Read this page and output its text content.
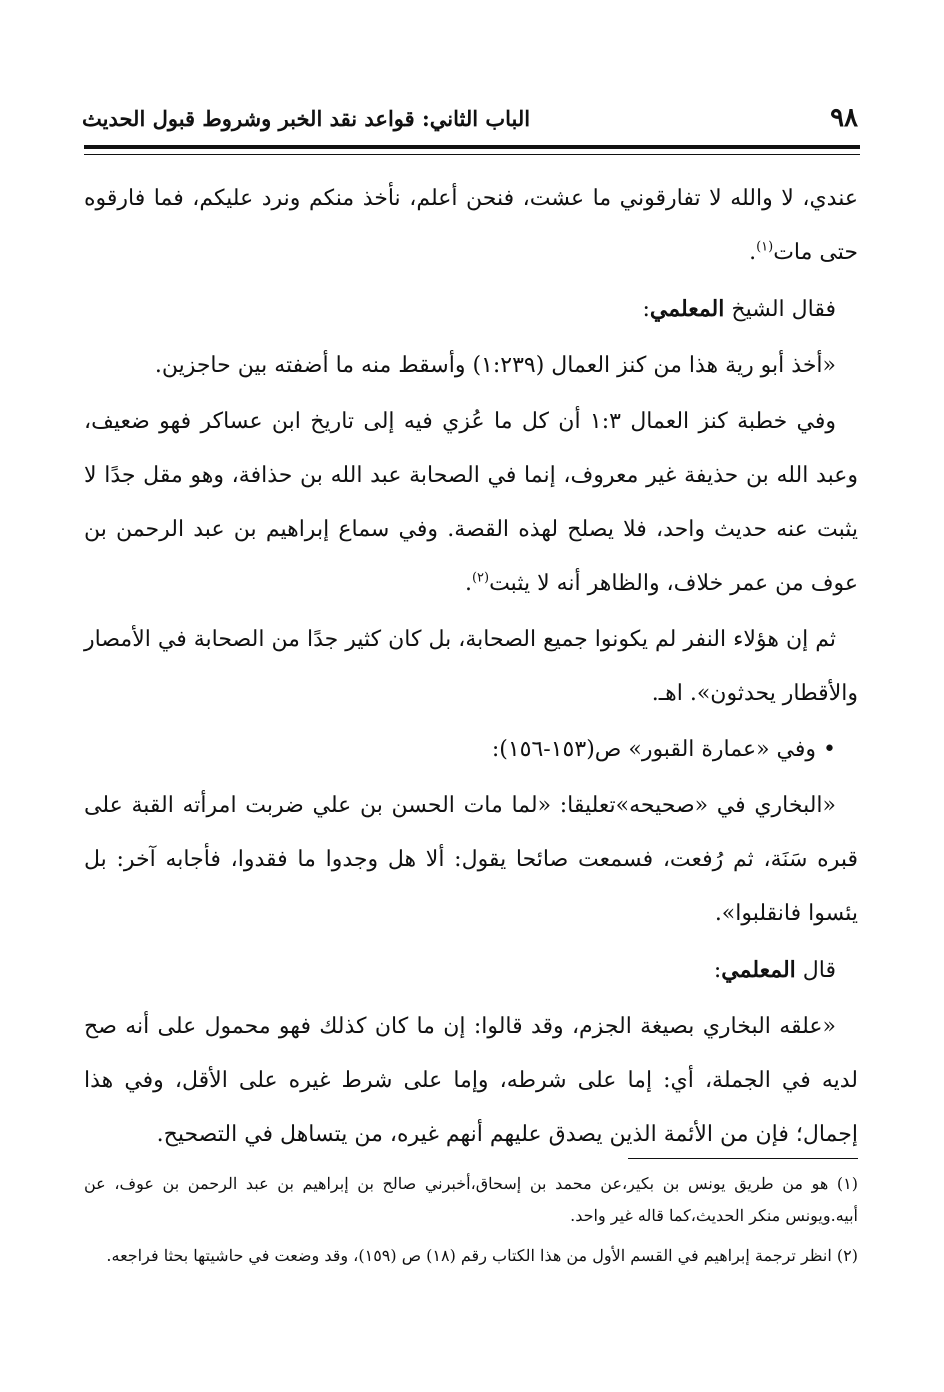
٩٨
الباب الثاني: قواعد نقد الخبر وشروط قبول الحديث

عندي، لا والله لا تفارقوني ما عشت، فنحن أعلم، نأخذ منكم ونرد عليكم، فما فارقوه حتى مات$^{(١)}$.

فقال الشيخ المعلمي:

«أخذ أبو رية هذا من كنز العمال (١:٢٣٩) وأسقط منه ما أضفته بين حاجزين.

وفي خطبة كنز العمال ١:٣ أن كل ما عُزي فيه إلى تاريخ ابن عساكر فهو ضعيف، وعبد الله بن حذيفة غير معروف، إنما في الصحابة عبد الله بن حذافة، وهو مقل جدًا لا يثبت عنه حديث واحد، فلا يصلح لهذه القصة. وفي سماع إبراهيم بن عبد الرحمن بن عوف من عمر خلاف، والظاهر أنه لا يثبت$^{(٢)}$.

ثم إن هؤلاء النفر لم يكونوا جميع الصحابة، بل كان كثير جدًا من الصحابة في الأمصار والأقطار يحدثون». اهـ.

• وفي «عمارة القبور» ص(١٥٣-١٥٦):

«البخاري في «صحيحه»تعليقا: «لما مات الحسن بن علي ضربت امرأته القبة على قبره سَنَة، ثم رُفعت، فسمعت صائحا يقول: ألا هل وجدوا ما فقدوا، فأجابه آخر: بل يئسوا فانقلبوا».

قال المعلمي:

«علقه البخاري بصيغة الجزم، وقد قالوا: إن ما كان كذلك فهو محمول على أنه صح لديه في الجملة، أي: إما على شرطه، وإما على شرط غيره على الأقل، وفي هذا إجمال؛ فإن من الأئمة الذين يصدق عليهم أنهم غيره، من يتساهل في التصحيح.

(١) هو من طريق يونس بن بكير،عن محمد بن إسحاق،أخبرني صالح بن إبراهيم بن عبد الرحمن بن عوف، عن أبيه.ويونس منكر الحديث،كما قاله غير واحد.

(٢) انظر ترجمة إبراهيم في القسم الأول من هذا الكتاب رقم (١٨) ص (١٥٩)، وقد وضعت في حاشيتها بحثا فراجعه.
